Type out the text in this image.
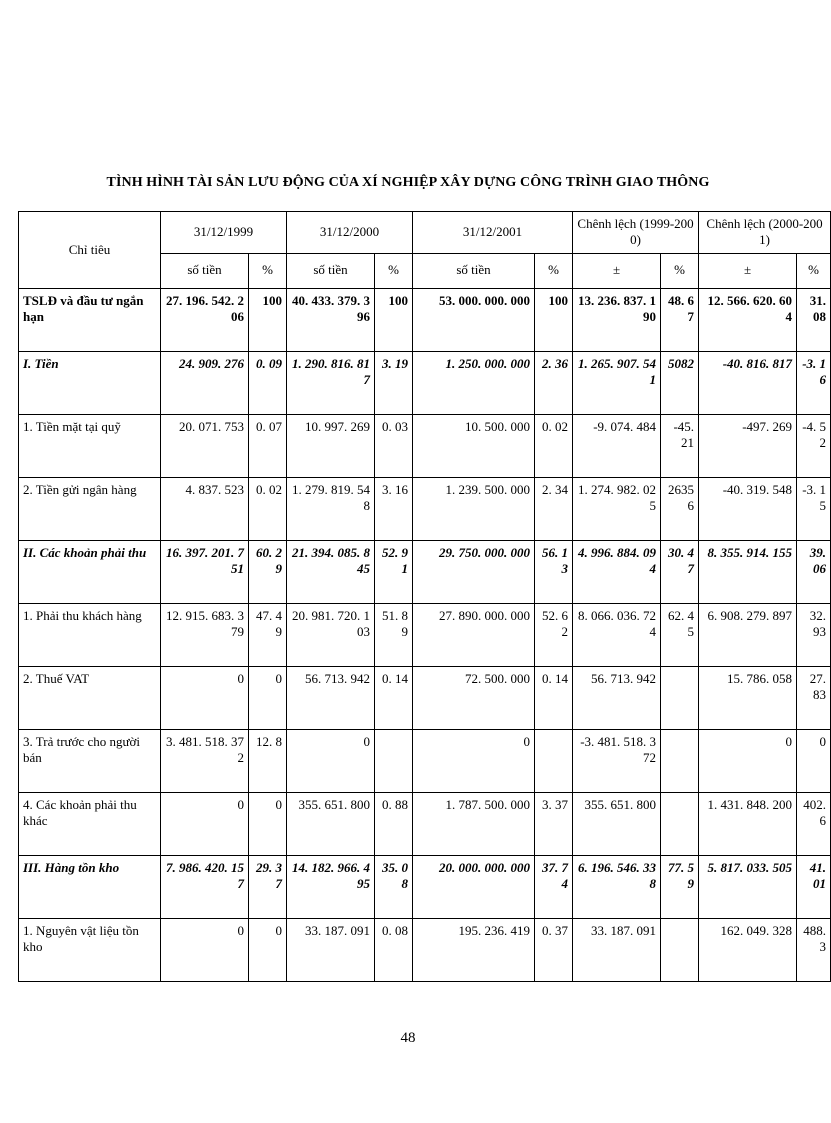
TÌNH HÌNH TÀI SẢN LƯU ĐỘNG CỦA XÍ NGHIỆP XÂY DỰNG CÔNG TRÌNH GIAO THÔNG
Chỉ tiêu	31/12/1999		31/12/2000		31/12/2001		Chênh lệch (1999-2000)		Chênh lệch (2000-2001)	
	số tiền	%	số tiền	%	số tiền	%	±	%	±	%
TSLĐ và đầu tư ngắn hạn	27. 196. 542. 206	100	40. 433. 379. 396	100	53. 000. 000. 000	100	13. 236. 837. 190	48. 67	12. 566. 620. 604	31. 08
I. Tiền	24. 909. 276	0. 09	1. 290. 816. 817	3. 19	1. 250. 000. 000	2. 36	1. 265. 907. 541	5082	-40. 816. 817	-3. 16
1. Tiền mặt tại quỹ	20. 071. 753	0. 07	10. 997. 269	0. 03	10. 500. 000	0. 02	-9. 074. 484	-45. 21	-497. 269	-4. 52
2. Tiền gửi ngân hàng	4. 837. 523	0. 02	1. 279. 819. 548	3. 16	1. 239. 500. 000	2. 34	1. 274. 982. 025	26356	-40. 319. 548	-3. 15
II. Các khoản phải thu	16. 397. 201. 751	60. 29	21. 394. 085. 845	52. 91	29. 750. 000. 000	56. 13	4. 996. 884. 094	30. 47	8. 355. 914. 155	39. 06
1. Phải thu khách hàng	12. 915. 683. 379	47. 49	20. 981. 720. 103	51. 89	27. 890. 000. 000	52. 62	8. 066. 036. 724	62. 45	6. 908. 279. 897	32. 93
2. Thuế VAT	0	0	56. 713. 942	0. 14	72. 500. 000	0. 14	56. 713. 942		15. 786. 058	27. 83
3. Trả trước cho người bán	3. 481. 518. 372	12. 8	0		0		-3. 481. 518. 372		0	0
4. Các khoản phải thu khác	0	0	355. 651. 800	0. 88	1. 787. 500. 000	3. 37	355. 651. 800		1. 431. 848. 200	402. 6
III. Hàng tồn kho	7. 986. 420. 157	29. 37	14. 182. 966. 495	35. 08	20. 000. 000. 000	37. 74	6. 196. 546. 338	77. 59	5. 817. 033. 505	41. 01
1. Nguyên vật liệu tồn kho	0	0	33. 187. 091	0. 08	195. 236. 419	0. 37	33. 187. 091		162. 049. 328	488. 3
48
